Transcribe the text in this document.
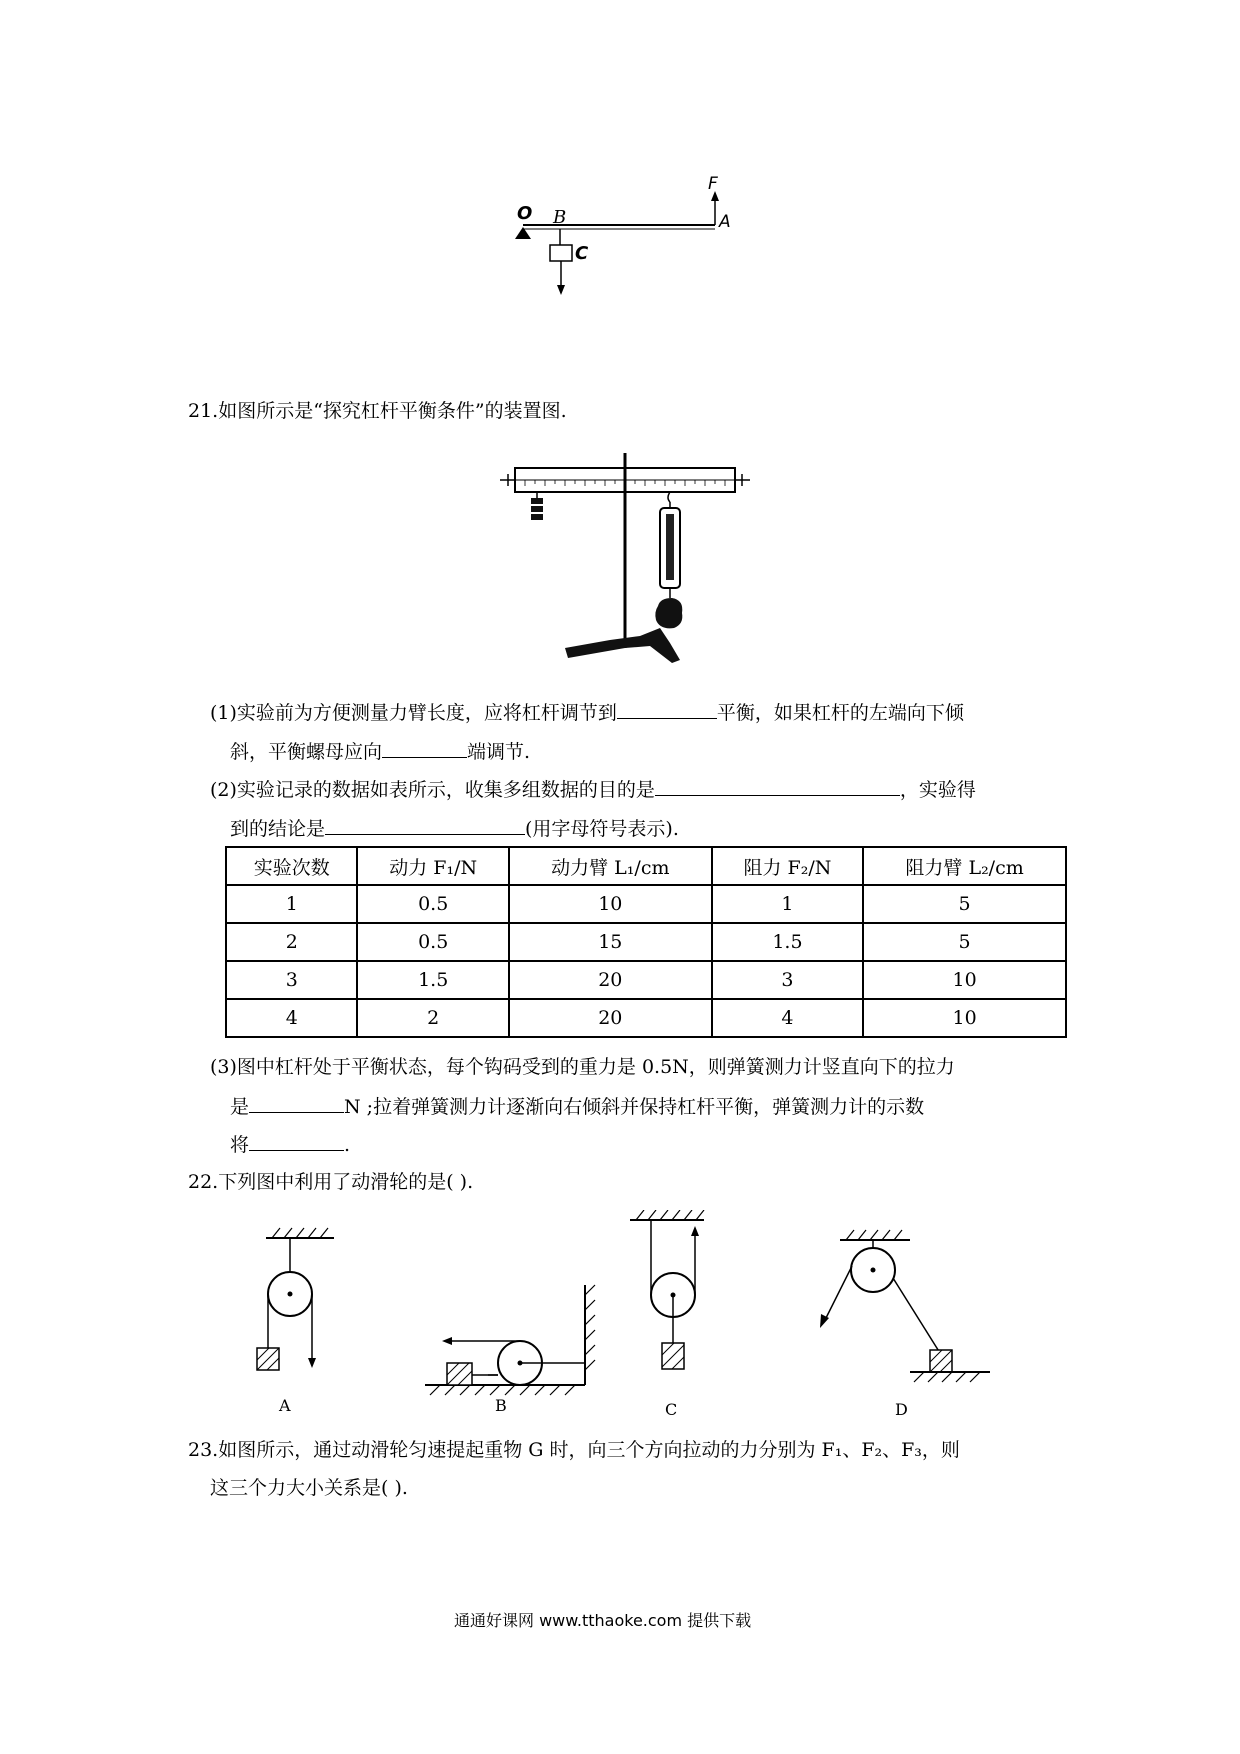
O B
C
A
F
21.如图所示是“探究杠杆平衡条件”的装置图.
(1)实验前为方便测量力臂长度，应将杠杆调节到	平衡，如果杠杆的左端向下倾
斜，平衡螺母应向	端调节.
(2)实验记录的数据如表所示，收集多组数据的目的是	，实验得
到的结论是	(用字母符号表示).
实验次数	动力 F₁/N	动力臂 L₁/cm	阻力 F₂/N	阻力臂 L₂/cm
1	0.5	10	1	5
2	0.5	15	1.5	5
3	1.5	20	3	10
4	2	20	4	10
(3)图中杠杆处于平衡状态，每个钩码受到的重力是 0.5N，则弹簧测力计竖直向下的拉力
是	N ;拉着弹簧测力计逐渐向右倾斜并保持杠杆平衡，弹簧测力计的示数
将	.
22.下列图中利用了动滑轮的是( ).
A	B	C	D
23.如图所示，通过动滑轮匀速提起重物 G 时，向三个方向拉动的力分别为 F₁、F₂、F₃，则
这三个力大小关系是( ).
通通好课网 www.tthaoke.com 提供下载
